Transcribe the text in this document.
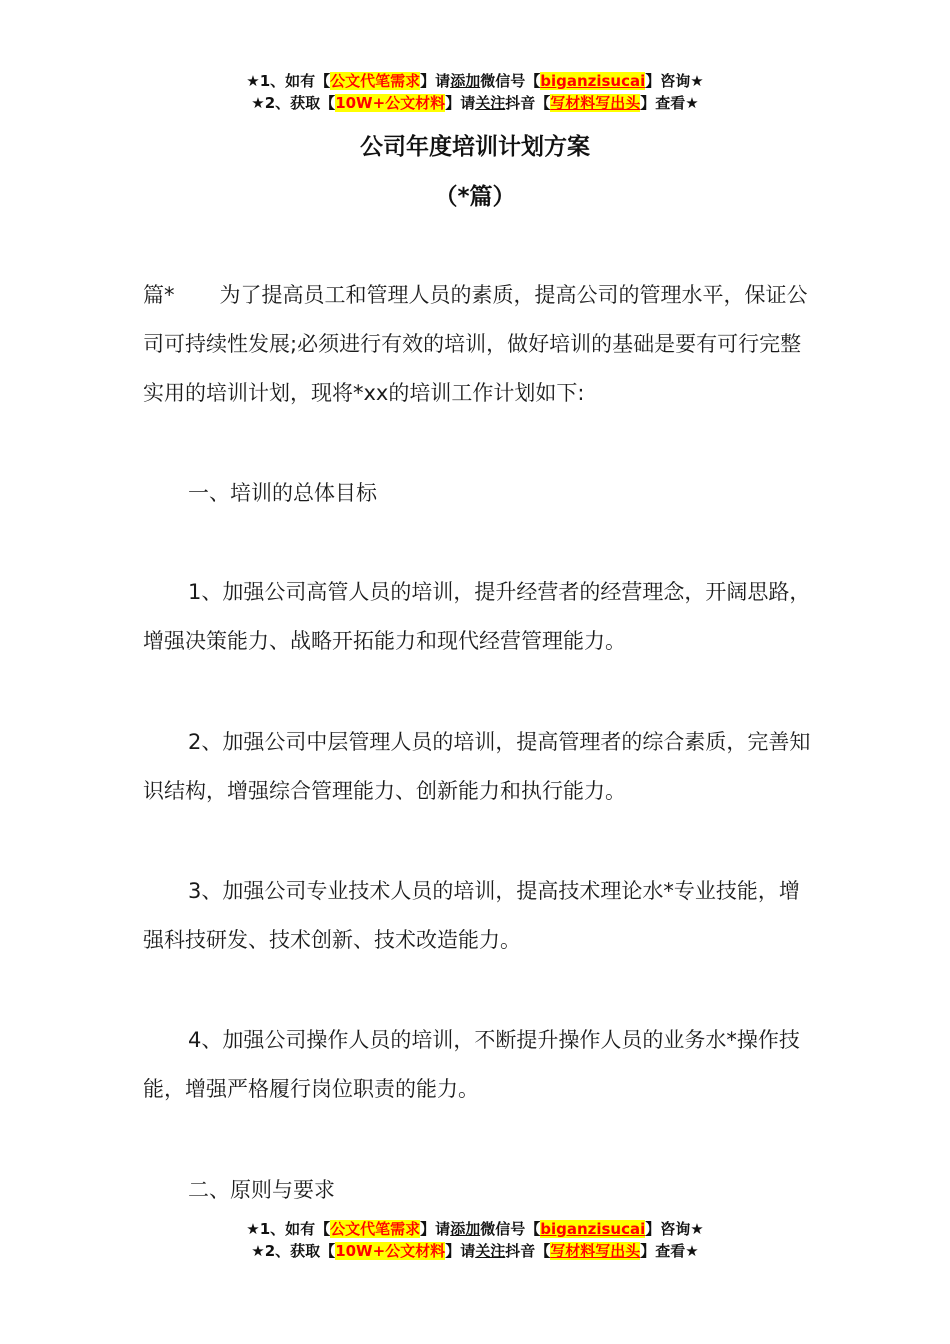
★1、如有【公文代笔需求】请添加微信号【biganzisucai】咨询★
★2、获取【10W+公文材料】请关注抖音【写材料写出头】查看★
公司年度培训计划方案
（*篇）
篇* 为了提高员工和管理人员的素质，提高公司的管理水平，保证公司可持续性发展;必须进行有效的培训，做好培训的基础是要有可行完整实用的培训计划，现将*xx的培训工作计划如下:
一、培训的总体目标
1、加强公司高管人员的培训，提升经营者的经营理念，开阔思路，增强决策能力、战略开拓能力和现代经营管理能力。
2、加强公司中层管理人员的培训，提高管理者的综合素质，完善知识结构，增强综合管理能力、创新能力和执行能力。
3、加强公司专业技术人员的培训，提高技术理论水*专业技能，增强科技研发、技术创新、技术改造能力。
4、加强公司操作人员的培训，不断提升操作人员的业务水*操作技能，增强严格履行岗位职责的能力。
二、原则与要求
★1、如有【公文代笔需求】请添加微信号【biganzisucai】咨询★
★2、获取【10W+公文材料】请关注抖音【写材料写出头】查看★
